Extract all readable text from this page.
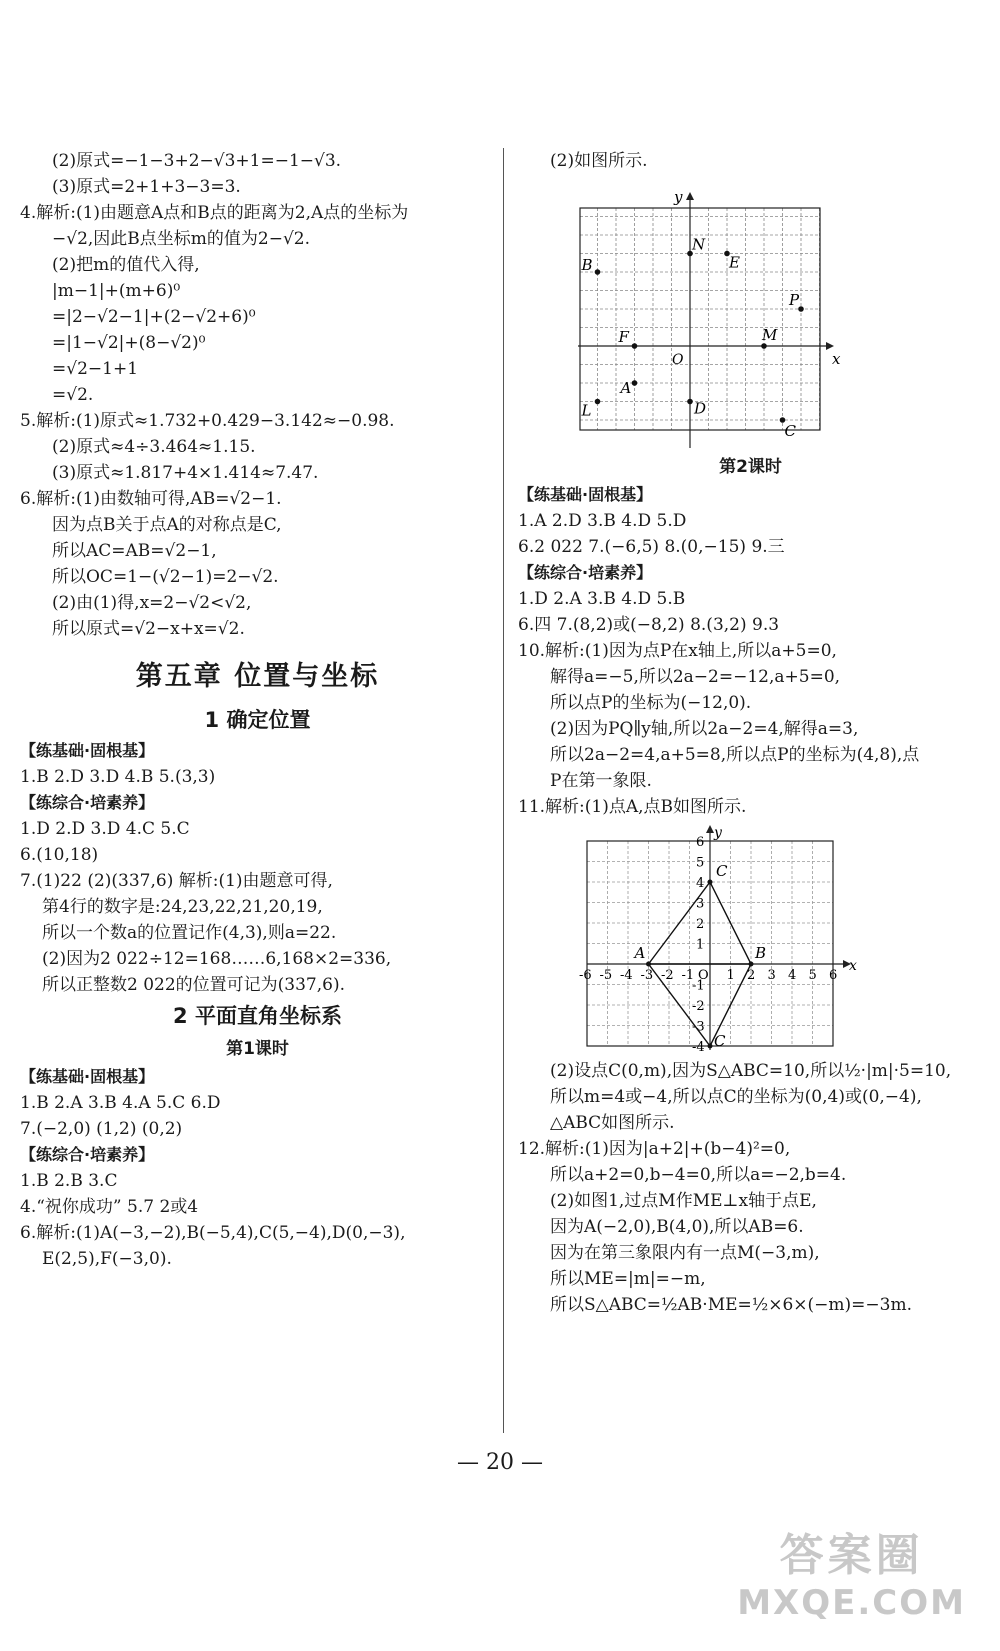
(2)原式=−1−3+2−√3+1=−1−√3.
(3)原式=2+1+3−3=3.
4.解析:(1)由题意A点和B点的距离为2,A点的坐标为
−√2,因此B点坐标m的值为2−√2.
(2)把m的值代入得,
|m−1|+(m+6)⁰
=|2−√2−1|+(2−√2+6)⁰
=|1−√2|+(8−√2)⁰
=√2−1+1
=√2.
5.解析:(1)原式≈1.732+0.429−3.142≈−0.98.
(2)原式≈4÷3.464≈1.15.
(3)原式≈1.817+4×1.414≈7.47.
6.解析:(1)由数轴可得,AB=√2−1.
因为点B关于点A的对称点是C,
所以AC=AB=√2−1,
所以OC=1−(√2−1)=2−√2.
(2)由(1)得,x=2−√2<√2,
所以原式=√2−x+x=√2.
第五章 位置与坐标
1 确定位置
【练基础·固根基】
1.B 2.D 3.D 4.B 5.(3,3)
【练综合·培素养】
1.D 2.D 3.D 4.C 5.C
6.(10,18)
7.(1)22 (2)(337,6) 解析:(1)由题意可得,
第4行的数字是:24,23,22,21,20,19,
所以一个数a的位置记作(4,3),则a=22.
(2)因为2 022÷12=168……6,168×2=336,
所以正整数2 022的位置可记为(337,6).
2 平面直角坐标系
第1课时
【练基础·固根基】
1.B 2.A 3.B 4.A 5.C 6.D
7.(−2,0) (1,2) (0,2)
【练综合·培素养】
1.B 2.B 3.C
4.“祝你成功” 5.7 2或4
6.解析:(1)A(−3,−2),B(−5,4),C(5,−4),D(0,−3),
E(2,5),F(−3,0).
(2)如图所示.
x
y
O
A
B
C
D
E
F
L
M
N
P
第2课时
【练基础·固根基】
1.A 2.D 3.B 4.D 5.D
6.2 022 7.(−6,5) 8.(0,−15) 9.三
【练综合·培素养】
1.D 2.A 3.B 4.D 5.B
6.四 7.(8,2)或(−8,2) 8.(3,2) 9.3
10.解析:(1)因为点P在x轴上,所以a+5=0,
解得a=−5,所以2a−2=−12,a+5=0,
所以点P的坐标为(−12,0).
(2)因为PQ∥y轴,所以2a−2=4,解得a=3,
所以2a−2=4,a+5=8,所以点P的坐标为(4,8),点
P在第一象限.
11.解析:(1)点A,点B如图所示.
x
y
O
-6 -5 -4 -3 -2 -1 1 2 3 4 5 6
1
2
3
4
5
6
-1
-2
-3
-4
A	B
C
C
(2)设点C(0,m),因为S△ABC=10,所以½·|m|·5=10,
所以m=4或−4,所以点C的坐标为(0,4)或(0,−4),
△ABC如图所示.
12.解析:(1)因为|a+2|+(b−4)²=0,
所以a+2=0,b−4=0,所以a=−2,b=4.
(2)如图1,过点M作ME⊥x轴于点E,
因为A(−2,0),B(4,0),所以AB=6.
因为在第三象限内有一点M(−3,m),
所以ME=|m|=−m,
所以S△ABC=½AB·ME=½×6×(−m)=−3m.
— 20 —
答案圈
MXQE.COM
